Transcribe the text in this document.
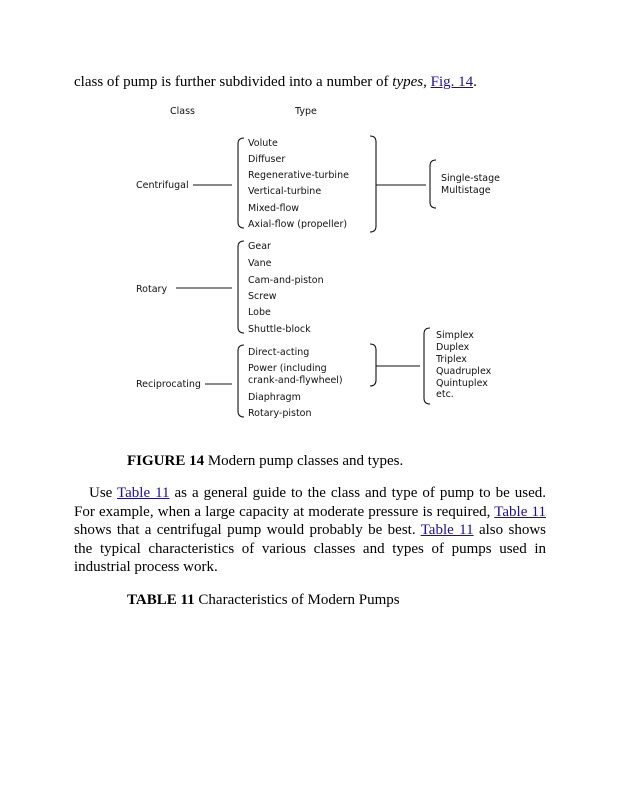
class of pump is further subdivided into a number of types, Fig. 14.

Class	Type
Centrifugal
Volute
Diffuser
Regenerative-turbine
Vertical-turbine
Mixed-flow
Axial-flow (propeller)
Single-stage
Multistage
Rotary
Gear
Vane
Cam-and-piston
Screw
Lobe
Shuttle-block
Reciprocating
Direct-acting
Power (including
crank-and-flywheel)
Diaphragm
Rotary-piston
Simplex
Duplex
Triplex
Quadruplex
Quintuplex
etc.

FIGURE 14 Modern pump classes and types.

Use Table 11 as a general guide to the class and type of pump to be used. For example, when a large capacity at moderate pressure is required, Table 11 shows that a centrifugal pump would probably be best. Table 11 also shows the typical characteristics of various classes and types of pumps used in industrial process work.

TABLE 11 Characteristics of Modern Pumps
